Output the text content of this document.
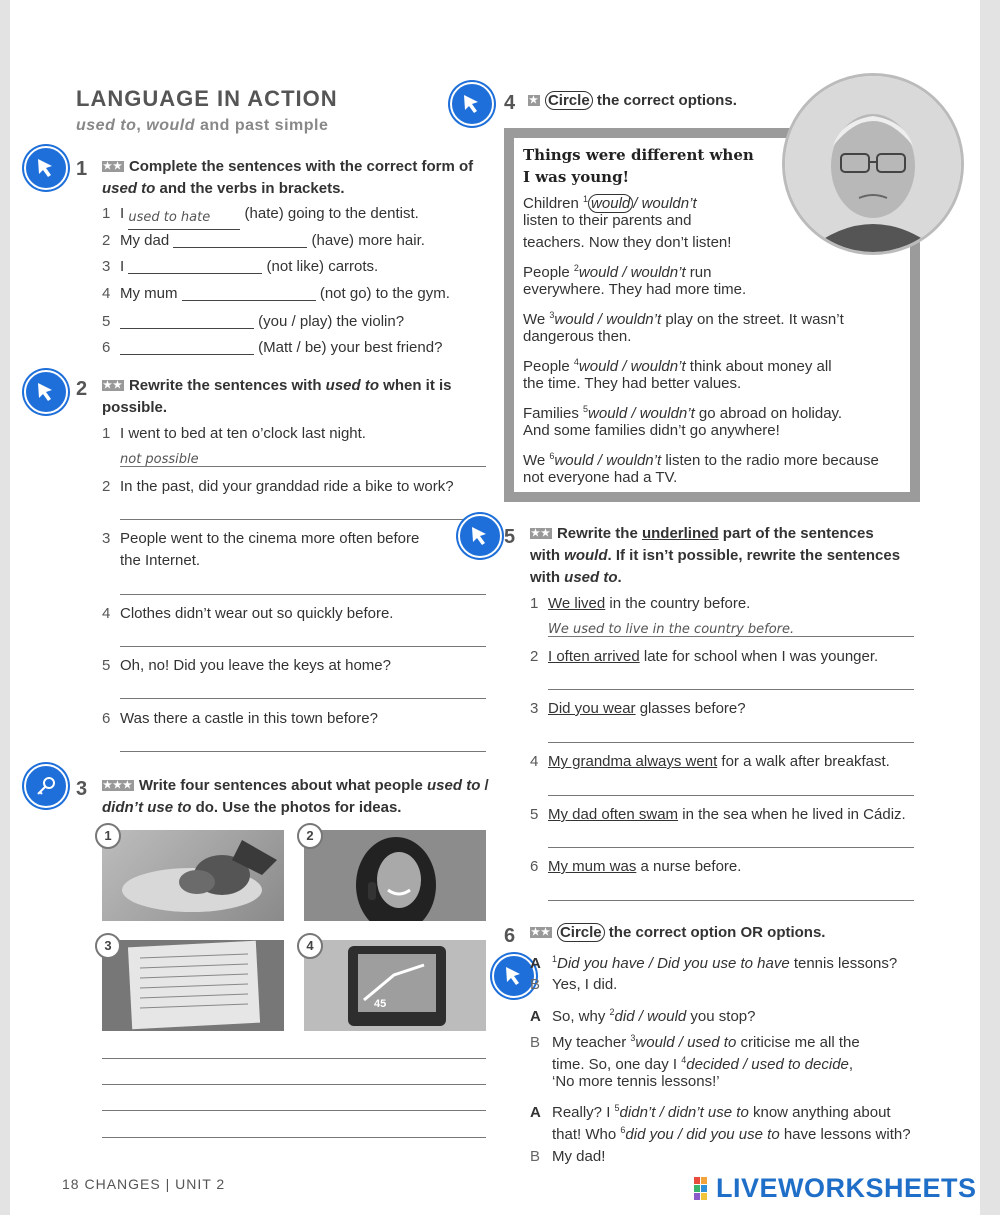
LANGUAGE IN ACTION
used to, would and past simple
1 ★★ Complete the sentences with the correct form of used to and the verbs in brackets.
1 I used to hate (hate) going to the dentist.
2 My dad	(have) more hair.
3 I	(not like) carrots.
4 My mum	(not go) to the gym.
5	(you / play) the violin?
6	(Matt / be) your best friend?
2 ★★ Rewrite the sentences with used to when it is possible.
1 I went to bed at ten o’clock last night.
not possible
2 In the past, did your granddad ride a bike to work?
3 People went to the cinema more often before
the Internet.
4 Clothes didn’t wear out so quickly before.
5 Oh, no! Did you leave the keys at home?
6 Was there a castle in this town before?
3 ★★★ Write four sentences about what people used to / didn’t use to do. Use the photos for ideas.
1	2
3
45
4
4 ★ Circle the correct options.
Things were different when
I was young!
Children $^1$ would / wouldn’t
listen to their parents and
teachers. Now they don’t listen!
People $^2$would / wouldn’t run
everywhere. They had more time.
We $^3$would / wouldn’t play on the street. It wasn’t
dangerous then.
People $^4$would / wouldn’t think about money all
the time. They had better values.
Families $^5$would / wouldn’t go abroad on holiday.
And some families didn’t go anywhere!
We $^6$would / wouldn’t listen to the radio more because
not everyone had a TV.
5 ★★ Rewrite the underlined part of the sentences
with would. If it isn’t possible, rewrite the sentences
with used to.
1 We lived in the country before.
We used to live in the country before.
2 I often arrived late for school when I was younger.
3 Did you wear glasses before?
4 My grandma always went for a walk after breakfast.
5 My dad often swam in the sea when he lived in Cádiz.
6 My mum was a nurse before.
6 ★★ Circle the correct option OR options.
A $^1$Did you have / Did you use to have tennis lessons?
B Yes, I did.
A So, why $^2$did / would you stop?
B My teacher $^3$would / used to criticise me all the
time. So, one day I $^4$decided / used to decide,
‘No more tennis lessons!’
A Really? I $^5$didn’t / didn’t use to know anything about
that! Who $^6$did you / did you use to have lessons with?
B My dad!
18 CHANGES | UNIT 2	LIVEWORKSHEETS
